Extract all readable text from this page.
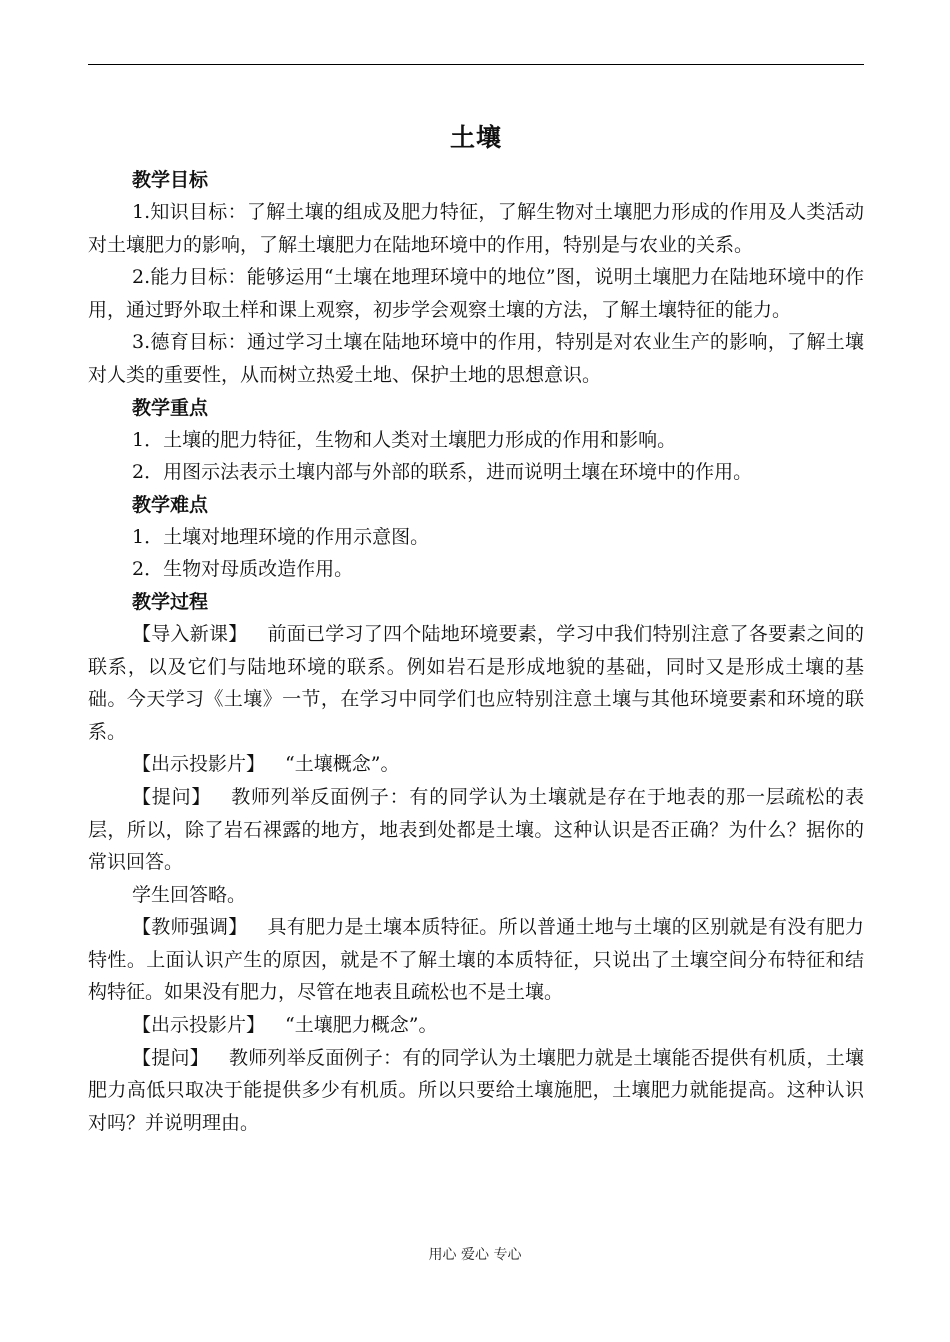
土壤
教学目标

1.知识目标：了解土壤的组成及肥力特征，了解生物对土壤肥力形成的作用及人类活动对土壤肥力的影响，了解土壤肥力在陆地环境中的作用，特别是与农业的关系。

2.能力目标：能够运用“土壤在地理环境中的地位”图，说明土壤肥力在陆地环境中的作用，通过野外取土样和课上观察，初步学会观察土壤的方法，了解土壤特征的能力。

3.德育目标：通过学习土壤在陆地环境中的作用，特别是对农业生产的影响，了解土壤对人类的重要性，从而树立热爱土地、保护土地的思想意识。

教学重点

1．土壤的肥力特征，生物和人类对土壤肥力形成的作用和影响。

2．用图示法表示土壤内部与外部的联系，进而说明土壤在环境中的作用。

教学难点

1．土壤对地理环境的作用示意图。

2．生物对母质改造作用。

教学过程

【导入新课】 前面已学习了四个陆地环境要素，学习中我们特别注意了各要素之间的联系，以及它们与陆地环境的联系。例如岩石是形成地貌的基础，同时又是形成土壤的基础。今天学习《土壤》一节，在学习中同学们也应特别注意土壤与其他环境要素和环境的联系。

【出示投影片】 “土壤概念”。

【提问】 教师列举反面例子：有的同学认为土壤就是存在于地表的那一层疏松的表层，所以，除了岩石裸露的地方，地表到处都是土壤。这种认识是否正确？为什么？据你的常识回答。

学生回答略。

【教师强调】 具有肥力是土壤本质特征。所以普通土地与土壤的区别就是有没有肥力特性。上面认识产生的原因，就是不了解土壤的本质特征，只说出了土壤空间分布特征和结构特征。如果没有肥力，尽管在地表且疏松也不是土壤。

【出示投影片】 “土壤肥力概念”。

【提问】 教师列举反面例子：有的同学认为土壤肥力就是土壤能否提供有机质，土壤肥力高低只取决于能提供多少有机质。所以只要给土壤施肥，土壤肥力就能提高。这种认识对吗？并说明理由。

用心 爱心 专心
